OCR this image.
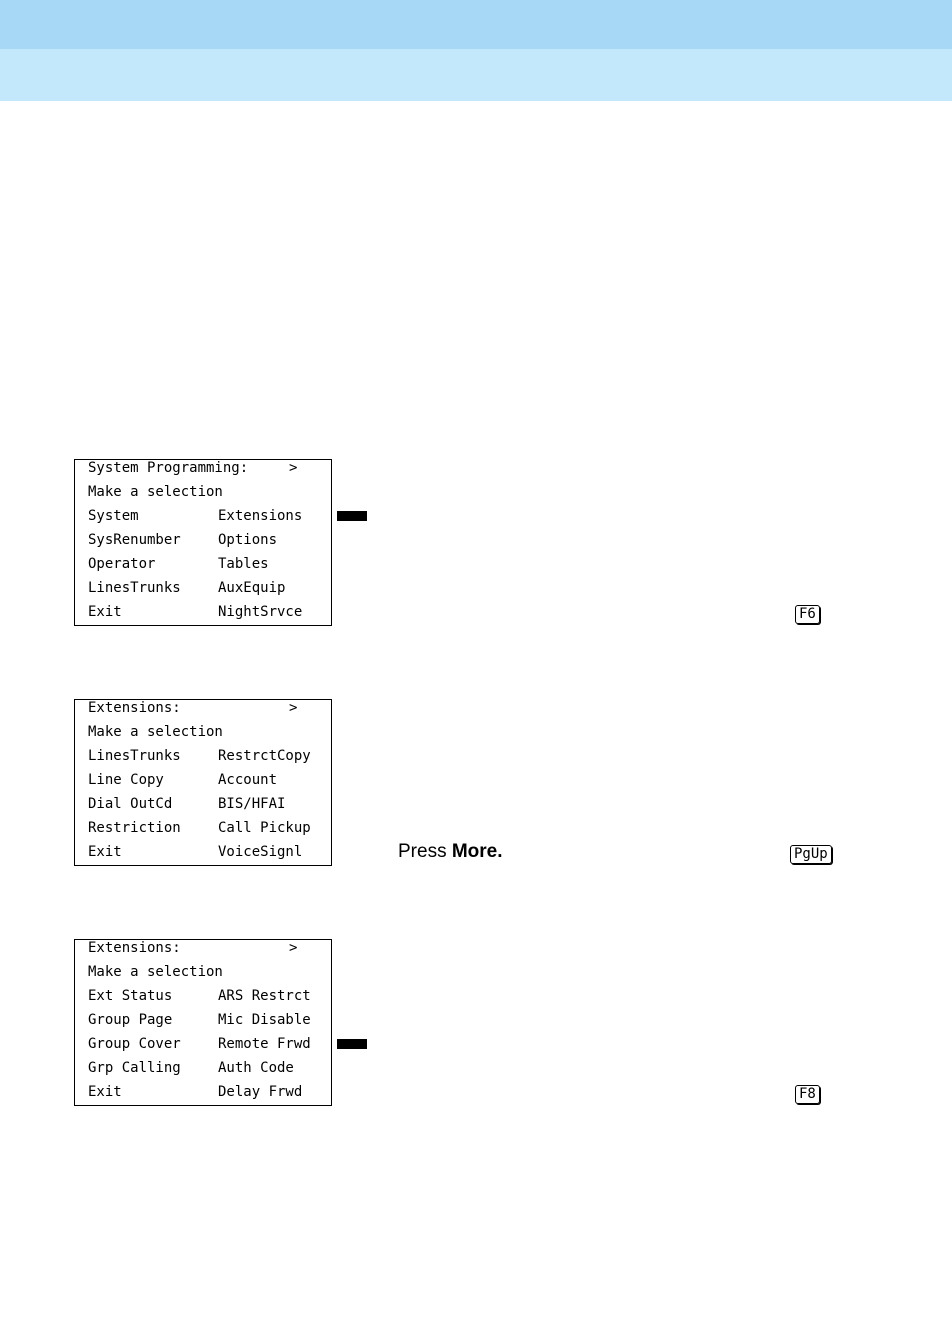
System Programming:	>
Make a selection
System	Extensions
SysRenumber	Options
Operator	Tables
LinesTrunks	AuxEquip
Exit	NightSrvce	F6
Extensions:	>
Make a selection
LinesTrunks	RestrctCopy
Line Copy	Account
Dial OutCd	BIS/HFAI
Restriction	Call Pickup
Exit	VoiceSignl	Press More.	PgUp
Extensions:	>
Make a selection
Ext Status	ARS Restrct
Group Page	Mic Disable
Group Cover	Remote Frwd
Grp Calling	Auth Code
Exit	Delay Frwd	F8
